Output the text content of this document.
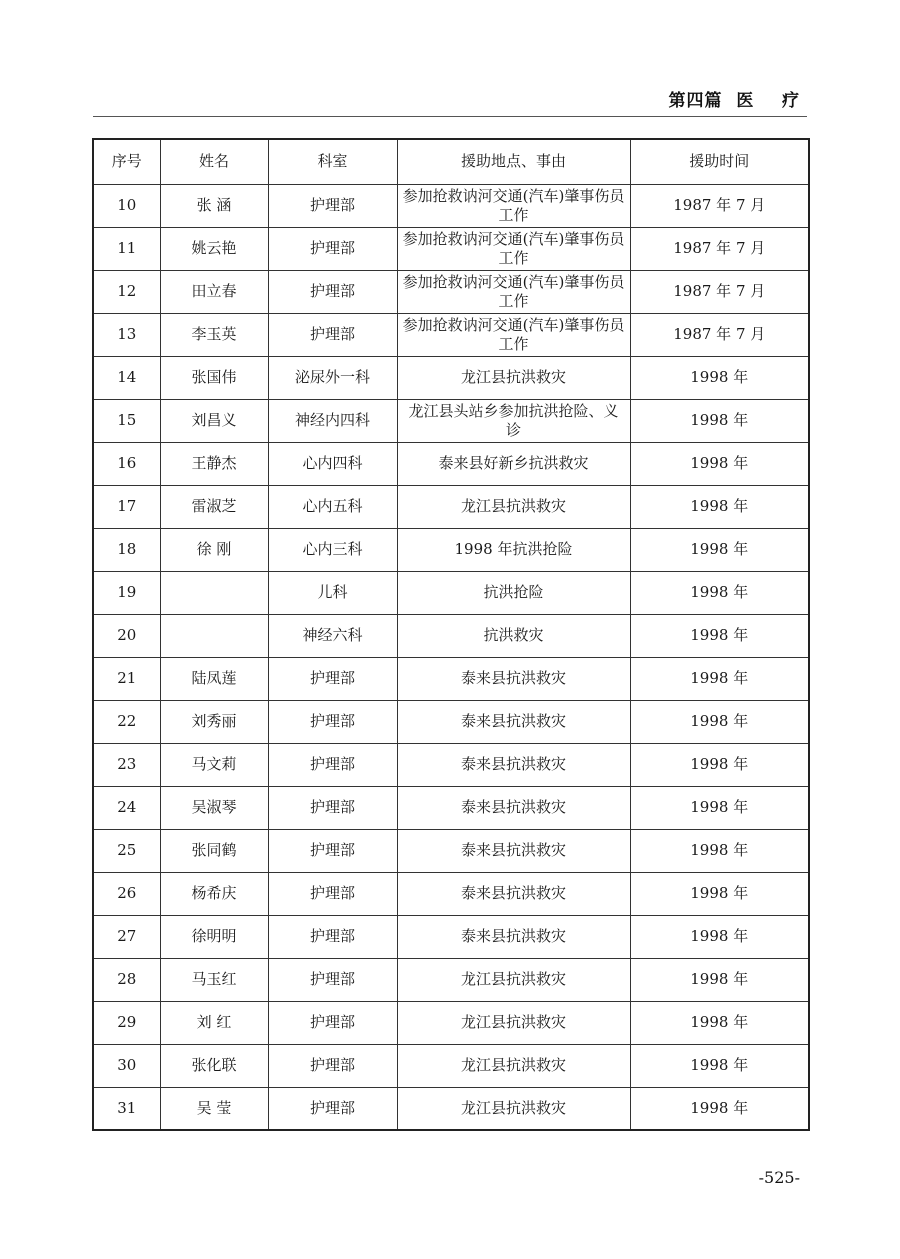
第四篇  医    疗
序号	姓名	科室	援助地点、事由	援助时间
10	张 涵	护理部	参加抢救讷河交通(汽车)肇事伤员工作	1987 年 7 月
11	姚云艳	护理部	参加抢救讷河交通(汽车)肇事伤员工作	1987 年 7 月
12	田立春	护理部	参加抢救讷河交通(汽车)肇事伤员工作	1987 年 7 月
13	李玉英	护理部	参加抢救讷河交通(汽车)肇事伤员工作	1987 年 7 月
14	张国伟	泌尿外一科	龙江县抗洪救灾	1998 年
15	刘昌义	神经内四科	龙江县头站乡参加抗洪抢险、义诊	1998 年
16	王静杰	心内四科	泰来县好新乡抗洪救灾	1998 年
17	雷淑芝	心内五科	龙江县抗洪救灾	1998 年
18	徐 刚	心内三科	1998 年抗洪抢险	1998 年
19		儿科	抗洪抢险	1998 年
20		神经六科	抗洪救灾	1998 年
21	陆凤莲	护理部	泰来县抗洪救灾	1998 年
22	刘秀丽	护理部	泰来县抗洪救灾	1998 年
23	马文莉	护理部	泰来县抗洪救灾	1998 年
24	吴淑琴	护理部	泰来县抗洪救灾	1998 年
25	张同鹤	护理部	泰来县抗洪救灾	1998 年
26	杨希庆	护理部	泰来县抗洪救灾	1998 年
27	徐明明	护理部	泰来县抗洪救灾	1998 年
28	马玉红	护理部	龙江县抗洪救灾	1998 年
29	刘 红	护理部	龙江县抗洪救灾	1998 年
30	张化联	护理部	龙江县抗洪救灾	1998 年
31	吴 莹	护理部	龙江县抗洪救灾	1998 年
-525-
